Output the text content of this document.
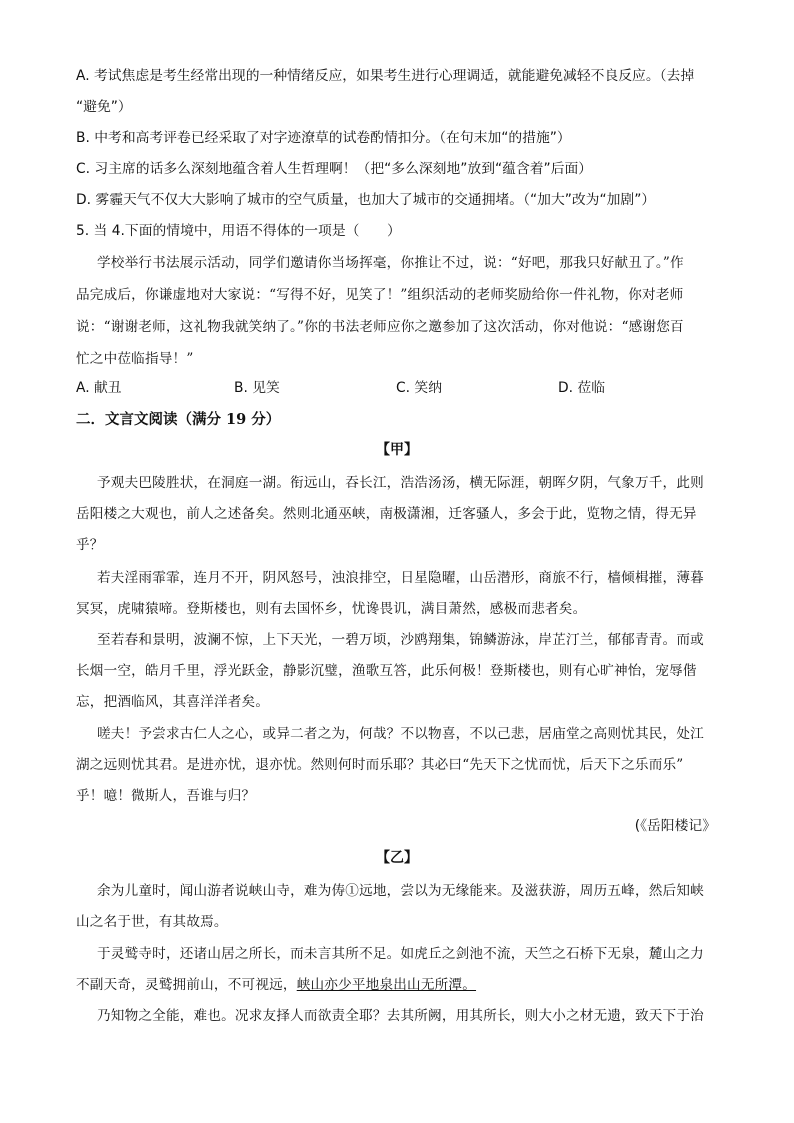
A. 考试焦虑是考生经常出现的一种情绪反应，如果考生进行心理调适，就能避免减轻不良反应。（去掉
“避免”）
B. 中考和高考评卷已经采取了对字迹潦草的试卷酌情扣分。（在句末加“的措施”）
C. 习主席的话多么深刻地蕴含着人生哲理啊！（把“多么深刻地”放到“蕴含着”后面）
D. 雾霾天气不仅大大影响了城市的空气质量，也加大了城市的交通拥堵。（“加大”改为“加剧”）
5. 当 4.下面的情境中，用语不得体的一项是（　　）
学校举行书法展示活动，同学们邀请你当场挥毫，你推让不过，说：“好吧，那我只好献丑了。”作
品完成后，你谦虚地对大家说：“写得不好，见笑了！”组织活动的老师奖励给你一件礼物，你对老师
说：“谢谢老师，这礼物我就笑纳了。”你的书法老师应你之邀参加了这次活动，你对他说：“感谢您百
忙之中莅临指导！”
A. 献丑	B. 见笑	C. 笑纳	D. 莅临
二．文言文阅读（满分 19 分）
【甲】
予观夫巴陵胜状，在洞庭一湖。衔远山，吞长江，浩浩汤汤，横无际涯，朝晖夕阴，气象万千，此则
岳阳楼之大观也，前人之述备矣。然则北通巫峡，南极潇湘，迁客骚人，多会于此，览物之情，得无异
乎？
若夫淫雨霏霏，连月不开，阴风怒号，浊浪排空，日星隐曜，山岳潜形，商旅不行，樯倾楫摧，薄暮
冥冥，虎啸猿啼。登斯楼也，则有去国怀乡，忧谗畏讥，满目萧然，感极而悲者矣。
至若春和景明，波澜不惊，上下天光，一碧万顷，沙鸥翔集，锦鳞游泳，岸芷汀兰，郁郁青青。而或
长烟一空，皓月千里，浮光跃金，静影沉璧，渔歌互答，此乐何极！登斯楼也，则有心旷神怡，宠辱偕
忘，把酒临风，其喜洋洋者矣。
嗟夫！予尝求古仁人之心，或异二者之为，何哉？不以物喜，不以己悲，居庙堂之高则忧其民，处江
湖之远则忧其君。是进亦忧，退亦忧。然则何时而乐耶？其必曰“先天下之忧而忧，后天下之乐而乐”
乎！噫！微斯人，吾谁与归？
(《岳阳楼记》
【乙】
余为儿童时，闻山游者说峡山寺，难为俦①远地，尝以为无缘能来。及滋获游，周历五峰，然后知峡
山之名于世，有其故焉。
于灵鹫寺时，还诸山居之所长，而未言其所不足。如虎丘之剑池不流，天竺之石桥下无泉，麓山之力
不副天奇，灵鹫拥前山，不可视远，峡山亦少平地泉出山无所潭。
乃知物之全能，难也。况求友择人而欲责全耶？去其所阙，用其所长，则大小之材无遗，致天下于治
